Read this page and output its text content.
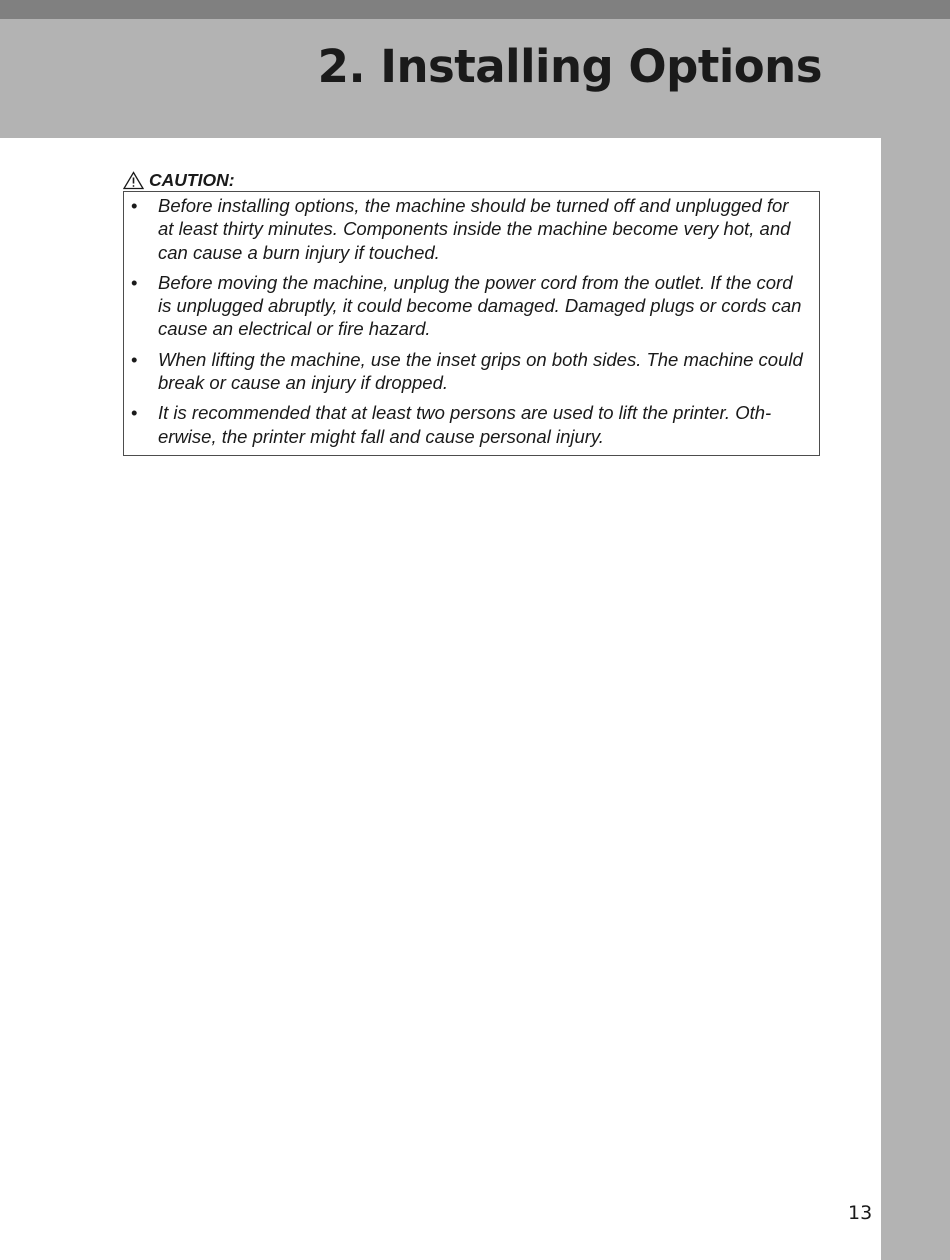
2. Installing Options
CAUTION:
• Before installing options, the machine should be turned off and unplugged for at least thirty minutes. Components inside the machine become very hot, and can cause a burn injury if touched.
• Before moving the machine, unplug the power cord from the outlet. If the cord is unplugged abruptly, it could become damaged. Damaged plugs or cords can cause an electrical or fire hazard.
• When lifting the machine, use the inset grips on both sides. The machine could break or cause an injury if dropped.
• It is recommended that at least two persons are used to lift the printer. Oth-erwise, the printer might fall and cause personal injury.
13
